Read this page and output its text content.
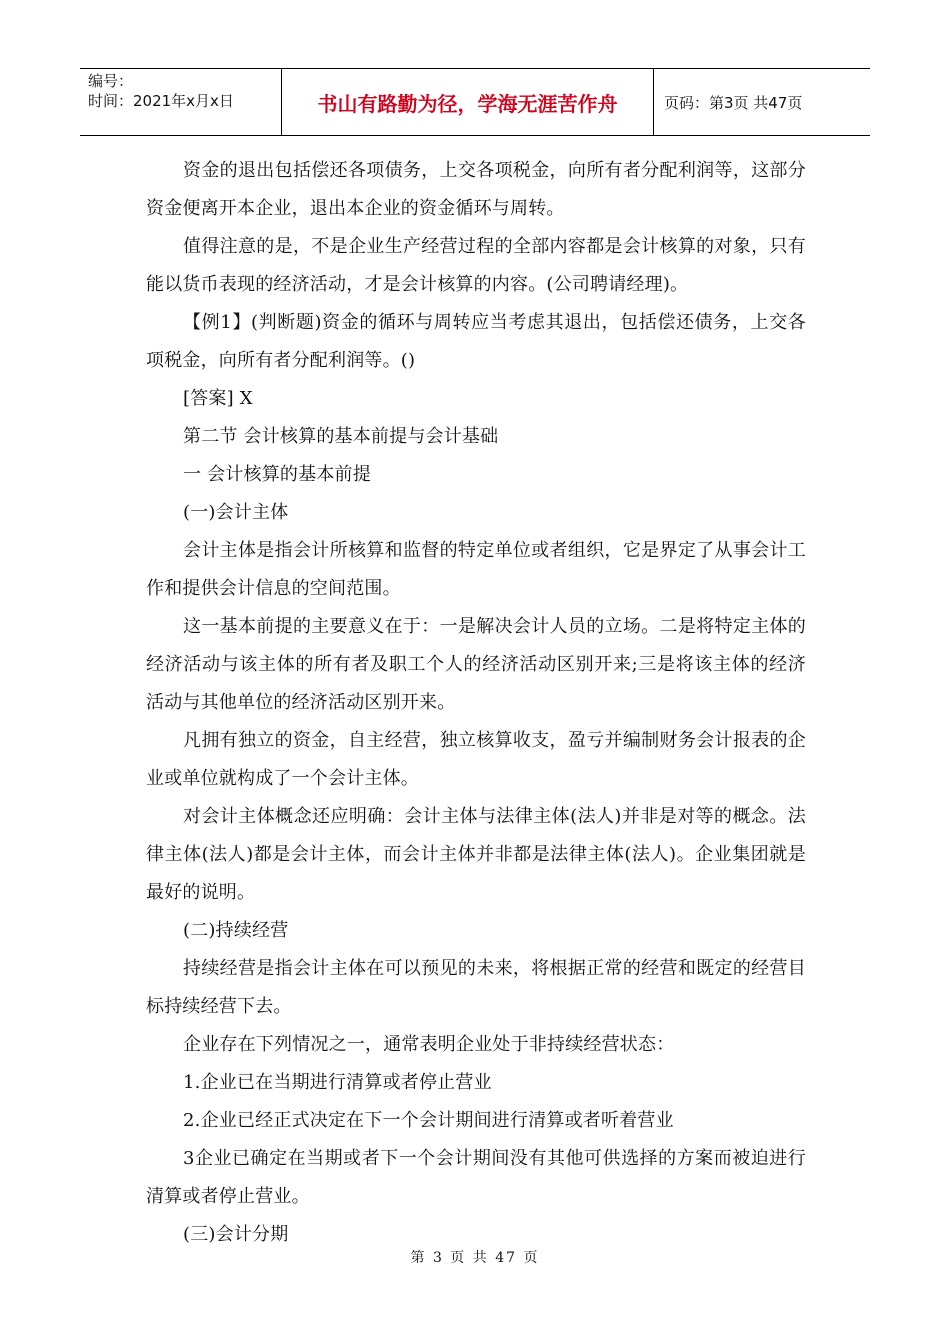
编号：
时间：2021年x月x日	书山有路勤为径，学海无涯苦作舟	页码：第3页 共47页

资金的退出包括偿还各项债务，上交各项税金，向所有者分配利润等，这部分资金便离开本企业，退出本企业的资金循环与周转。

值得注意的是，不是企业生产经营过程的全部内容都是会计核算的对象，只有能以货币表现的经济活动，才是会计核算的内容。(公司聘请经理)。

【例1】(判断题)资金的循环与周转应当考虑其退出，包括偿还债务，上交各项税金，向所有者分配利润等。()

[答案] X

第二节 会计核算的基本前提与会计基础

一 会计核算的基本前提

(一)会计主体

会计主体是指会计所核算和监督的特定单位或者组织，它是界定了从事会计工作和提供会计信息的空间范围。

这一基本前提的主要意义在于：一是解决会计人员的立场。二是将特定主体的经济活动与该主体的所有者及职工个人的经济活动区别开来;三是将该主体的经济活动与其他单位的经济活动区别开来。

凡拥有独立的资金，自主经营，独立核算收支，盈亏并编制财务会计报表的企业或单位就构成了一个会计主体。

对会计主体概念还应明确：会计主体与法律主体(法人)并非是对等的概念。法律主体(法人)都是会计主体，而会计主体并非都是法律主体(法人)。企业集团就是最好的说明。

(二)持续经营

持续经营是指会计主体在可以预见的未来，将根据正常的经营和既定的经营目标持续经营下去。

企业存在下列情况之一，通常表明企业处于非持续经营状态：

1.企业已在当期进行清算或者停止营业

2.企业已经正式决定在下一个会计期间进行清算或者听着营业

3企业已确定在当期或者下一个会计期间没有其他可供选择的方案而被迫进行清算或者停止营业。

(三)会计分期

第 3 页 共 47 页
